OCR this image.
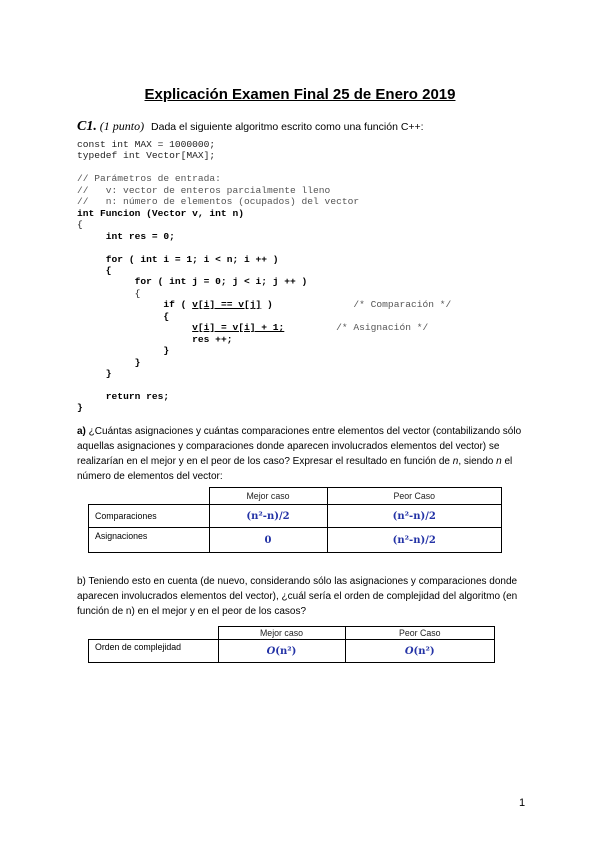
Explicación Examen Final 25 de Enero 2019
C1. (1 punto) Dada el siguiente algoritmo escrito como una función C++:
const int MAX = 1000000;
typedef int Vector[MAX];

// Parámetros de entrada:
//   v: vector de enteros parcialmente lleno
//   n: número de elementos (ocupados) del vector
int Funcion (Vector v, int n)
{
int res = 0;

for ( int i = 1; i < n; i ++ )
{
for ( int j = 0; j < i; j ++ )
{
if ( v[i] == v[j] )	/* Comparación */
{
v[i] = v[i] + 1;	/* Asignación */
res ++;
}
}
}

return res;
}
a) ¿Cuántas asignaciones y cuántas comparaciones entre elementos del vector (contabilizando sólo aquellas asignaciones y comparaciones donde aparecen involucrados elementos del vector) se realizarían en el mejor y en el peor de los caso? Expresar el resultado en función de n, siendo n el número de elementos del vector:
	Mejor caso	Peor Caso
Comparaciones	(n²-n)/2	(n²-n)/2
Asignaciones	0	(n²-n)/2
b) Teniendo esto en cuenta (de nuevo, considerando sólo las asignaciones y comparaciones donde aparecen involucrados elementos del vector), ¿cuál sería el orden de complejidad del algoritmo (en función de n) en el mejor y en el peor de los casos?
	Mejor caso	Peor Caso
Orden de complejidad	O(n²)	O(n²)
1
